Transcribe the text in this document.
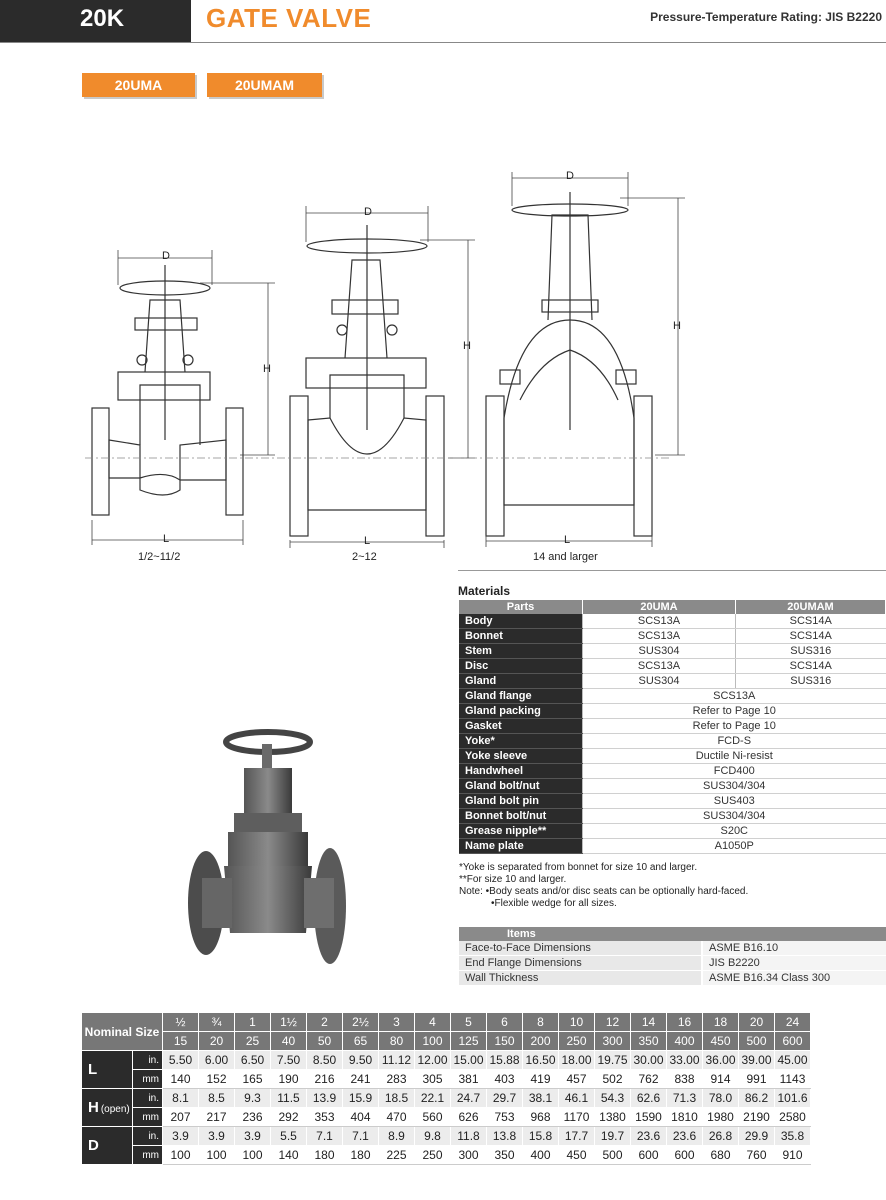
20K	GATE VALVE	Pressure-Temperature Rating: JIS B2220
20UMA	20UMAM
D
H
L
D
H
L
D
H
L
1/2~11/2	2~12	14 and larger
Materials
Parts	20UMA	20UMAM
Body	SCS13A	SCS14A
Bonnet	SCS13A	SCS14A
Stem	SUS304	SUS316
Disc	SCS13A	SCS14A
Gland	SUS304	SUS316
Gland flange	SCS13A	
Gland packing	Refer to Page 10	
Gasket	Refer to Page 10	
Yoke*	FCD-S	
Yoke sleeve	Ductile Ni-resist	
Handwheel	FCD400	
Gland bolt/nut	SUS304/304	
Gland bolt pin	SUS403	
Bonnet bolt/nut	SUS304/304	
Grease nipple**	S20C	
Name plate	A1050P	
*Yoke is separated from bonnet for size 10 and larger.
**For size 10 and larger.
Note: •Body seats and/or disc seats can be optionally hard-faced.
•Flexible wedge for all sizes.
Items	
Face-to-Face Dimensions	ASME B16.10
End Flange Dimensions	JIS B2220
Wall Thickness	ASME B16.34 Class 300
Nominal Size		½	¾	1	1½	2	2½	3	4	5	6	8	10	12	14	16	18	20	24
		15	20	25	40	50	65	80	100	125	150	200	250	300	350	400	450	500	600
L	in.	5.50	6.00	6.50	7.50	8.50	9.50	11.12	12.00	15.00	15.88	16.50	18.00	19.75	30.00	33.00	36.00	39.00	45.00
	mm	140	152	165	190	216	241	283	305	381	403	419	457	502	762	838	914	991	1143
H (open)	in.	8.1	8.5	9.3	11.5	13.9	15.9	18.5	22.1	24.7	29.7	38.1	46.1	54.3	62.6	71.3	78.0	86.2	101.6
	mm	207	217	236	292	353	404	470	560	626	753	968	1170	1380	1590	1810	1980	2190	2580
D	in.	3.9	3.9	3.9	5.5	7.1	7.1	8.9	9.8	11.8	13.8	15.8	17.7	19.7	23.6	23.6	26.8	29.9	35.8
	mm	100	100	100	140	180	180	225	250	300	350	400	450	500	600	600	680	760	910
